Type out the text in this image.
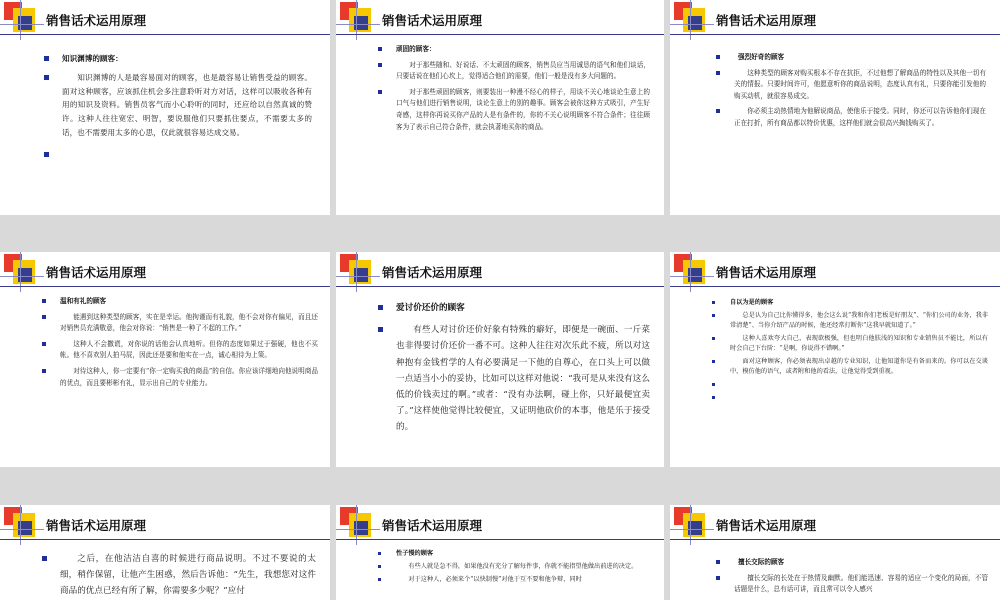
销售话术运用原理
知识渊博的顾客：
知识渊博的人是最容易面对的顾客，也是最容易让销售受益的顾客。面对这种顾客，应该抓住机会多注意聆听对方对话，这样可以吸收各种有用的知识及资料。销售员客气而小心聆听的同时，还应给以自然真诚的赞许。这种人往往宽宏、明智，要说服他们只要抓住要点，不需要太多的话，也不需要用太多的心思，仅此就很容易达成交易。

销售话术运用原理
顽固的顾客：
对于那些随和、好说话、不太顽固的顾客，销售员应当用诚恳的语气和他们谈话，只要话说在他们心坎上，觉得适合他们的需要，他们一般是没有多大问题的。
对于那些顽固的顾客，则要装出一种漫不经心的样子，用谈不关心地谈论生意上的口气与他们进行销售说明，谈论生意上的别的趣事。顾客会被你这种方式吸引，产生好奇感，这样你再说买你产品的人是有条件的，你的不关心说明顾客不符合条件；往往顾客为了表示自己符合条件，就会执著地买你的商品。
销售话术运用原理
强烈好奇的顾客
这种类型的顾客对购买根本不存在抗拒，不过他想了解商品的特性以及其他一切有关的情报。只要时间许可，他愿意听你的商品说明，态度认真有礼，只要你能引发他的购买动机，就很容易成交。
你必须主动热情地为他解说商品，使他乐于接受。同时，你还可以告诉他你们现在正在打折，所有商品都以特价优惠，这样他们就会很高兴掏钱购买了。
销售话术运用原理
温和有礼的顾客
能遇到这种类型的顾客，实在是幸运。他拘谨而有礼貌，他不会对你有偏见，而且还对销售员充满敬意，他会对你说：“销售是一种了不起的工作。”
这种人不会撒谎，对你说的话他会认真地听。但你的态度如果过于强硬，他也不买帐。他不喜欢别人拍马屁，因此还是要和他实在一点，诚心相待为上策。
对待这种人，你一定要有“你一定购买我的商品”的自信。你应该详细地向他说明商品的优点，而且要彬彬有礼，显示出自己的专业能力。
销售话术运用原理
爱讨价还价的顾客
有些人对讨价还价好象有特殊的癖好，即便是一碗面、一斤菜也非得要讨价还价一番不可。这种人往往对次乐此不疲，所以对这种抱有金钱哲学的人有必要满足一下他的自尊心，在口头上可以做一点适当小小的妥协，比如可以这样对他说：“我可是从来没有这么低的价钱卖过的啊。”或者：“没有办法啊，碰上你，只好最便宜卖了。”这样使他觉得比较便宜，又证明他砍价的本事，他是乐于接受的。
销售话术运用原理
自以为是的顾客
总是认为自己比你懂得多，他会这么说“我和你们老板是好朋友”、“你们公司的业务，我非常清楚”、当你介绍产品的时候，他还经常打断你“这我早就知道了。”
这种人喜欢夸大自己，表现欲极强，但也明白他肤浅的知识和专业销售员不能比，所以有时会自己下台阶：“是啊，你说得不错啊。”
面对这种顾客，你必须表现出卓越的专业知识，让他知道你是有备而来的。你可以在交谈中，模仿他的语气，或者附和他的看法，让他觉得受到重视。

销售话术运用原理
之后，在他洁洁自喜的时候进行商品说明。不过不要说的太细，稍作保留，让他产生困惑，然后告诉他：“先生，我想您对这件商品的优点已经有所了解，你需要多少呢？”应付
销售话术运用原理
性子慢的顾客
有些人就是急不得，如果他没有充分了解每件事，你就不能指望他做出前进的决定。
对于这种人，必须来个“以快制慢”对他于互不要和他争辩，同时
销售话术运用原理
擅长交际的顾客
擅长交际的长处在于热情及幽默。他们能迅速、容易的适应一个变化的局面，不管话题是什么，总有话可讲，而且常可以令人感兴
